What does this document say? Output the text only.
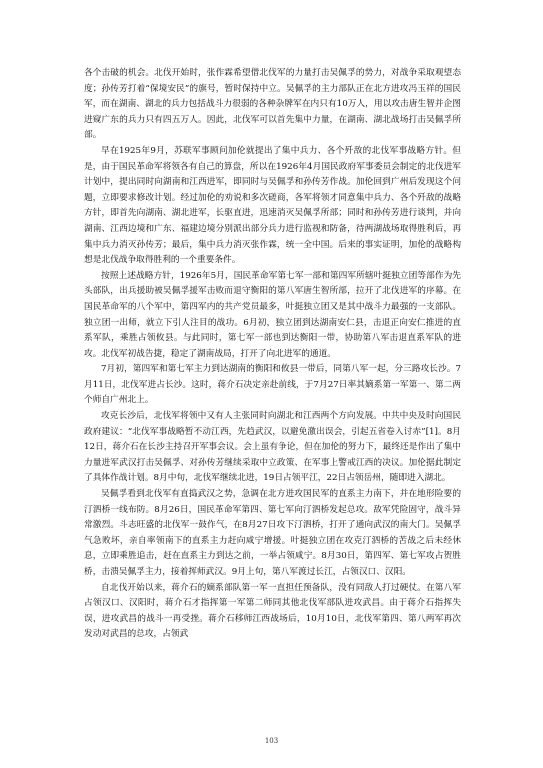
各个击破的机会。北伐开始时，张作霖希望借北伐军的力量打击吴佩孚的势力，对战争采取观望态度；孙传芳打着“保境安民”的旗号，暂时保持中立。吴佩孚的主力部队正在北方进攻冯玉祥的国民军，而在湖南、湖北的兵力包括战斗力很弱的各种杂牌军在内只有10万人，用以攻击唐生智并企图进窥广东的兵力只有四五万人。因此，北伐军可以首先集中力量，在湖南、湖北战场打击吴佩孚所部。

早在1925年9月，苏联军事顾问加伦就提出了集中兵力、各个歼敌的北伐军事战略方针。但是，由于国民革命军将领各有自己的算盘，所以在1926年4月国民政府军事委员会制定的北伐进军计划中，提出同时向湖南和江西进军，即同时与吴佩孚和孙传芳作战。加伦回到广州后发现这个问题，立即要求修改计划。经过加伦的劝说和多次磋商，各军将领才同意集中兵力、各个歼敌的战略方针，即首先向湖南、湖北进军，长驱直进，迅速消灭吴佩孚所部；同时和孙传芳进行谈判，并向湖南、江西边境和广东、福建边境分别派出部分兵力进行监视和防备，待两湖战场取得胜利后，再集中兵力消灭孙传芳；最后，集中兵力消灭张作霖，统一全中国。后来的事实证明，加伦的战略构想是北伐战争取得胜利的一个重要条件。

按照上述战略方针，1926年5月，国民革命军第七军一部和第四军所辖叶挺独立团等部作为先头部队，出兵援助被吴佩孚援军击败而退守衡阳的第八军唐生智所部，拉开了北伐进军的序幕。在国民革命军的八个军中，第四军内的共产党员最多，叶挺独立团又是其中战斗力最强的一支部队。独立团一出师，就立下引人注目的战功。6月初，独立团到达湖南安仁县，击退正向安仁推进的直系军队，乘胜占领攸县。与此同时，第七军一部也到达衡阳一带，协助第八军击退直系军队的进攻。北伐军初战告捷，稳定了湖南战局，打开了向北进军的通道。

7月初，第四军和第七军主力到达湖南的衡阳和攸县一带后，同第八军一起，分三路攻长沙。7月11日，北伐军进占长沙。这时，蒋介石决定亲赴前线，于7月27日率其嫡系第一军第一、第二两个师自广州北上。

攻克长沙后，北伐军将领中又有人主张同时向湖北和江西两个方向发展。中共中央及时向国民政府建议：“北伐军事战略暂不动江西，先趋武汉，以避免激出误会，引起五省卷入讨赤”[1]。8月12日，蒋介石在长沙主持召开军事会议。会上虽有争论，但在加伦的努力下，最终还是作出了集中力量进军武汉打击吴佩孚、对孙传芳继续采取中立政策、在军事上警戒江西的决议。加伦据此制定了具体作战计划。8月中旬，北伐军继续北进，19日占领平江，22日占领岳州，随即进入湖北。

吴佩孚看到北伐军有直捣武汉之势，急调在北方进攻国民军的直系主力南下，并在地形险要的汀泗桥一线布防。8月26日，国民革命军第四、第七军向汀泗桥发起总攻。敌军凭险固守，战斗异常激烈。斗志旺盛的北伐军一鼓作气，在8月27日攻下汀泗桥，打开了通向武汉的南大门。吴佩孚气急败坏，亲自率领南下的直系主力赶向咸宁增援。叶挺独立团在攻克汀泗桥的苦战之后未经休息，立即乘胜追击，赶在直系主力到达之前，一举占领咸宁。8月30日，第四军、第七军攻占贺胜桥，击溃吴佩孚主力，接着挥师武汉。9月上旬，第八军渡过长江，占领汉口、汉阳。

自北伐开始以来，蒋介石的嫡系部队第一军一直担任预备队，没有同敌人打过硬仗。在第八军占领汉口、汉阳时，蒋介石才指挥第一军第二师同其他北伐军部队进攻武昌。由于蒋介石指挥失误，进攻武昌的战斗一再受挫。蒋介石移师江西战场后，10月10日，北伐军第四、第八两军再次发动对武昌的总攻，占领武

103
